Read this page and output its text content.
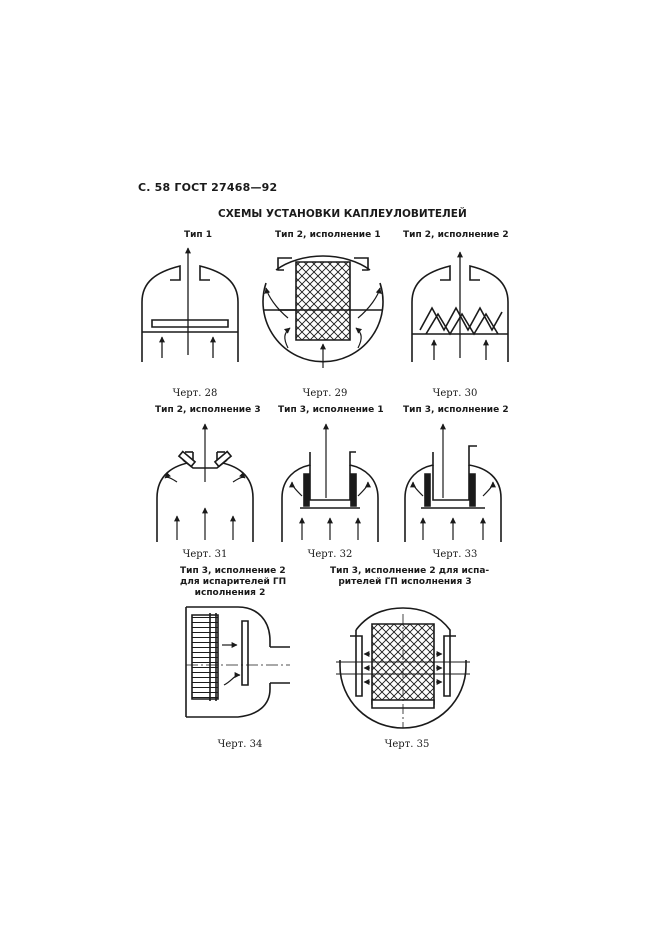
С. 58 ГОСТ 27468—92
СХЕМЫ УСТАНОВКИ КАПЛЕУЛОВИТЕЛЕЙ
Тип 1
Черт. 28
Тип 2, исполнение 1
Черт. 29
Тип 2, исполнение 2
Черт. 30
Тип 2, исполнение 3
Черт. 31
Тип 3, исполнение 1
Черт. 32
Тип 3, исполнение 2
Черт. 33
Тип 3, исполнение 2
для испарителей ГП
исполнения 2
Черт. 34
Тип 3, исполнение 2 для испа-
рителей ГП исполнения 3
Черт. 35
